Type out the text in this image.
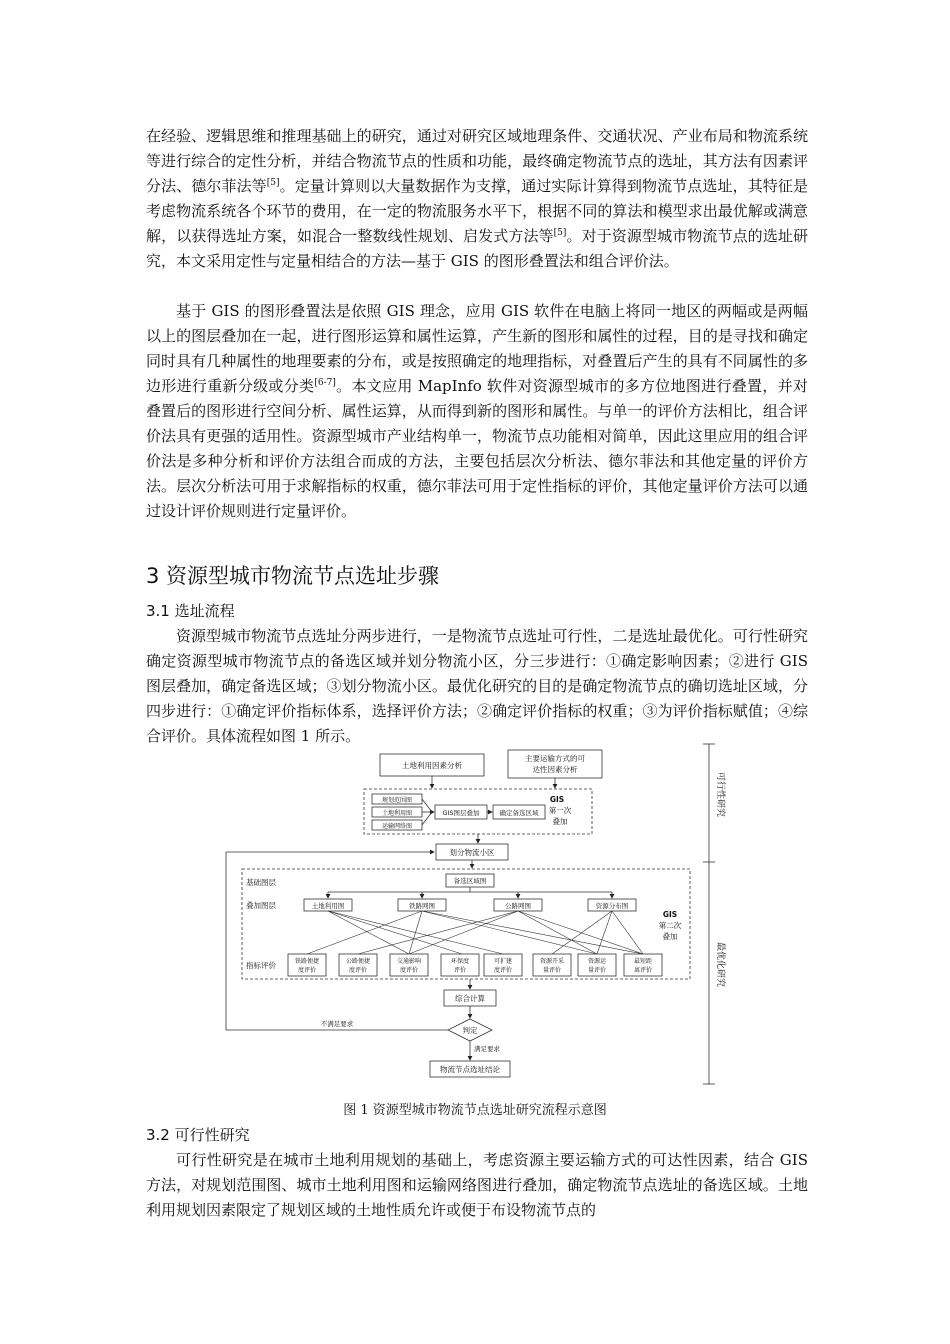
在经验、逻辑思维和推理基础上的研究，通过对研究区域地理条件、交通状况、产业布局和物流系统等进行综合的定性分析，并结合物流节点的性质和功能，最终确定物流节点的选址，其方法有因素评分法、德尔菲法等[5]。定量计算则以大量数据作为支撑，通过实际计算得到物流节点选址，其特征是考虑物流系统各个环节的费用，在一定的物流服务水平下，根据不同的算法和模型求出最优解或满意解，以获得选址方案，如混合一整数线性规划、启发式方法等[5]。对于资源型城市物流节点的选址研究，本文采用定性与定量相结合的方法—基于 GIS 的图形叠置法和组合评价法。

基于 GIS 的图形叠置法是依照 GIS 理念，应用 GIS 软件在电脑上将同一地区的两幅或是两幅以上的图层叠加在一起，进行图形运算和属性运算，产生新的图形和属性的过程，目的是寻找和确定同时具有几种属性的地理要素的分布，或是按照确定的地理指标，对叠置后产生的具有不同属性的多边形进行重新分级或分类[6-7]。本文应用 MapInfo 软件对资源型城市的多方位地图进行叠置，并对叠置后的图形进行空间分析、属性运算，从而得到新的图形和属性。与单一的评价方法相比，组合评价法具有更强的适用性。资源型城市产业结构单一，物流节点功能相对简单，因此这里应用的组合评价法是多种分析和评价方法组合而成的方法，主要包括层次分析法、德尔菲法和其他定量的评价方法。层次分析法可用于求解指标的权重，德尔菲法可用于定性指标的评价，其他定量评价方法可以通过设计评价规则进行定量评价。

3 资源型城市物流节点选址步骤
3.1 选址流程

资源型城市物流节点选址分两步进行，一是物流节点选址可行性，二是选址最优化。可行性研究确定资源型城市物流节点的备选区域并划分物流小区，分三步进行：①确定影响因素；②进行 GIS 图层叠加，确定备选区域；③划分物流小区。最优化研究的目的是确定物流节点的确切选址区域，分四步进行：①确定评价指标体系，选择评价方法；②确定评价指标的权重；③为评价指标赋值；④综合评价。具体流程如图 1 所示。

土地利用因素分析
主要运输方式的可
达性因素分析
规划范围图
土地利用图
运输网络图
GIS图层叠加	确定备选区域
GIS
第一次
叠加
划分物流小区
基础图层	备选区域图
叠加图层	土地利用图	铁路网图	公路网图	资源分布图
GIS
第二次
叠加
指标评价	铁路便捷
度评价
公路便捷
度评价
交通影响
度评价
环保度
评价
可扩建
度评价
资源开采
量评价
资源运
量评价
最短距
离评价
综合计算
判定
不满足要求
满足要求
物流节点选址结论
可行性研究
最优化研究

图 1 资源型城市物流节点选址研究流程示意图

3.2 可行性研究

可行性研究是在城市土地利用规划的基础上，考虑资源主要运输方式的可达性因素，结合 GIS 方法，对规划范围图、城市土地利用图和运输网络图进行叠加，确定物流节点选址的备选区域。土地利用规划因素限定了规划区域的土地性质允许或便于布设物流节点的
